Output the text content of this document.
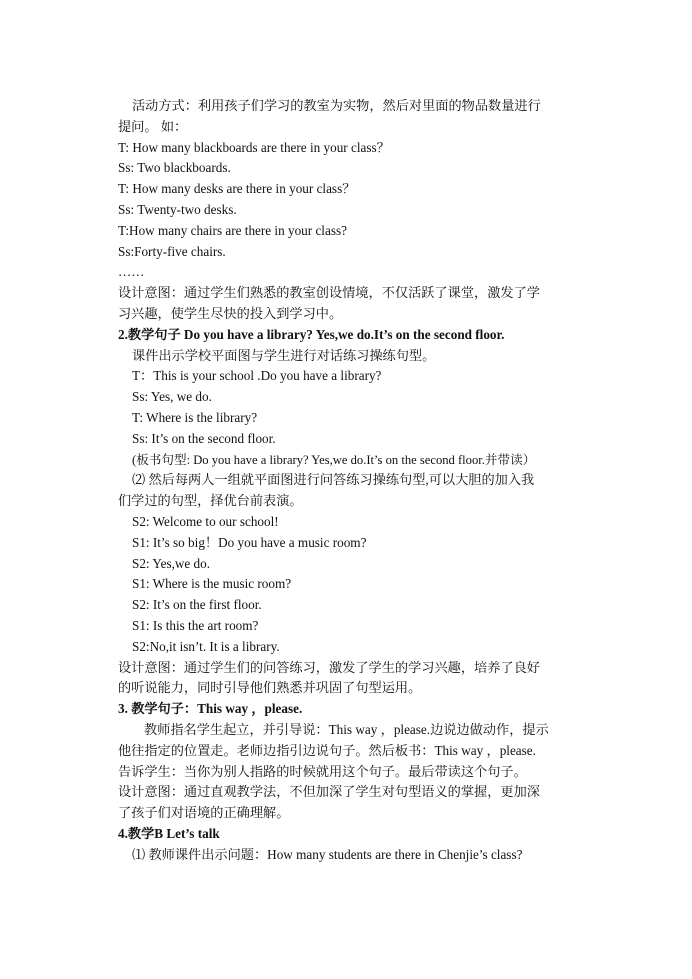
活动方式：利用孩子们学习的教室为实物，然后对里面的物品数量进行
提问。 如：
T: How many blackboards are there in your class？
Ss: Two blackboards.
T: How many desks are there in your class？
Ss: Twenty-two desks.
T:How many chairs are there in your class?
Ss:Forty-five chairs.
……
设计意图：通过学生们熟悉的教室创设情境，不仅活跃了课堂，激发了学
习兴趣，使学生尽快的投入到学习中。
2.教学句子 Do you have a library? Yes,we do.It’s on the second floor.
课件出示学校平面图与学生进行对话练习操练句型。
T：This is your school .Do you have a library?
Ss: Yes, we do.
T: Where is the library?
Ss: It’s on the second floor.
(板书句型: Do you have a library? Yes,we do.It’s on the second floor.并带读）
⑵ 然后每两人一组就平面图进行问答练习操练句型,可以大胆的加入我
们学过的句型，择优台前表演。
S2: Welcome to our school!
S1: It’s so big！Do you have a music room?
S2: Yes,we do.
S1: Where is the music room?
S2: It’s on the first floor.
S1: Is this the art room?
S2:No,it isn’t. It is a library.
设计意图：通过学生们的问答练习，激发了学生的学习兴趣，培养了良好
的听说能力，同时引导他们熟悉并巩固了句型运用。
3. 教学句子：This way ，please.
教师指名学生起立，并引导说：This way ，please.边说边做动作，提示
他往指定的位置走。老师边指引边说句子。然后板书：This way ，please.
告诉学生：当你为别人指路的时候就用这个句子。最后带读这个句子。
设计意图：通过直观教学法，不但加深了学生对句型语义的掌握，更加深
了孩子们对语境的正确理解。
4.教学B Let’s talk
⑴ 教师课件出示问题：How many students are there in Chenjie’s class?
